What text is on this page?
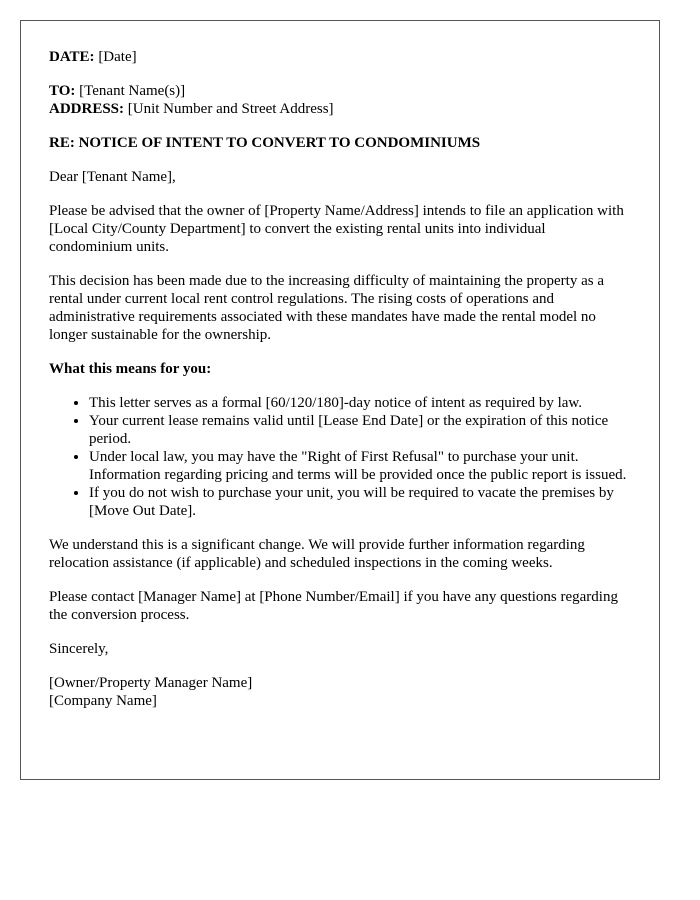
DATE: [Date]

TO: [Tenant Name(s)]
ADDRESS: [Unit Number and Street Address]

RE: NOTICE OF INTENT TO CONVERT TO CONDOMINIUMS

Dear [Tenant Name],

Please be advised that the owner of [Property Name/Address] intends to file an application with [Local City/County Department] to convert the existing rental units into individual condominium units.

This decision has been made due to the increasing difficulty of maintaining the property as a rental under current local rent control regulations. The rising costs of operations and administrative requirements associated with these mandates have made the rental model no longer sustainable for the ownership.

What this means for you:

• This letter serves as a formal [60/120/180]-day notice of intent as required by law.
• Your current lease remains valid until [Lease End Date] or the expiration of this notice period.
• Under local law, you may have the "Right of First Refusal" to purchase your unit. Information regarding pricing and terms will be provided once the public report is issued.
• If you do not wish to purchase your unit, you will be required to vacate the premises by [Move Out Date].

We understand this is a significant change. We will provide further information regarding relocation assistance (if applicable) and scheduled inspections in the coming weeks.

Please contact [Manager Name] at [Phone Number/Email] if you have any questions regarding the conversion process.

Sincerely,

[Owner/Property Manager Name]

[Company Name]
